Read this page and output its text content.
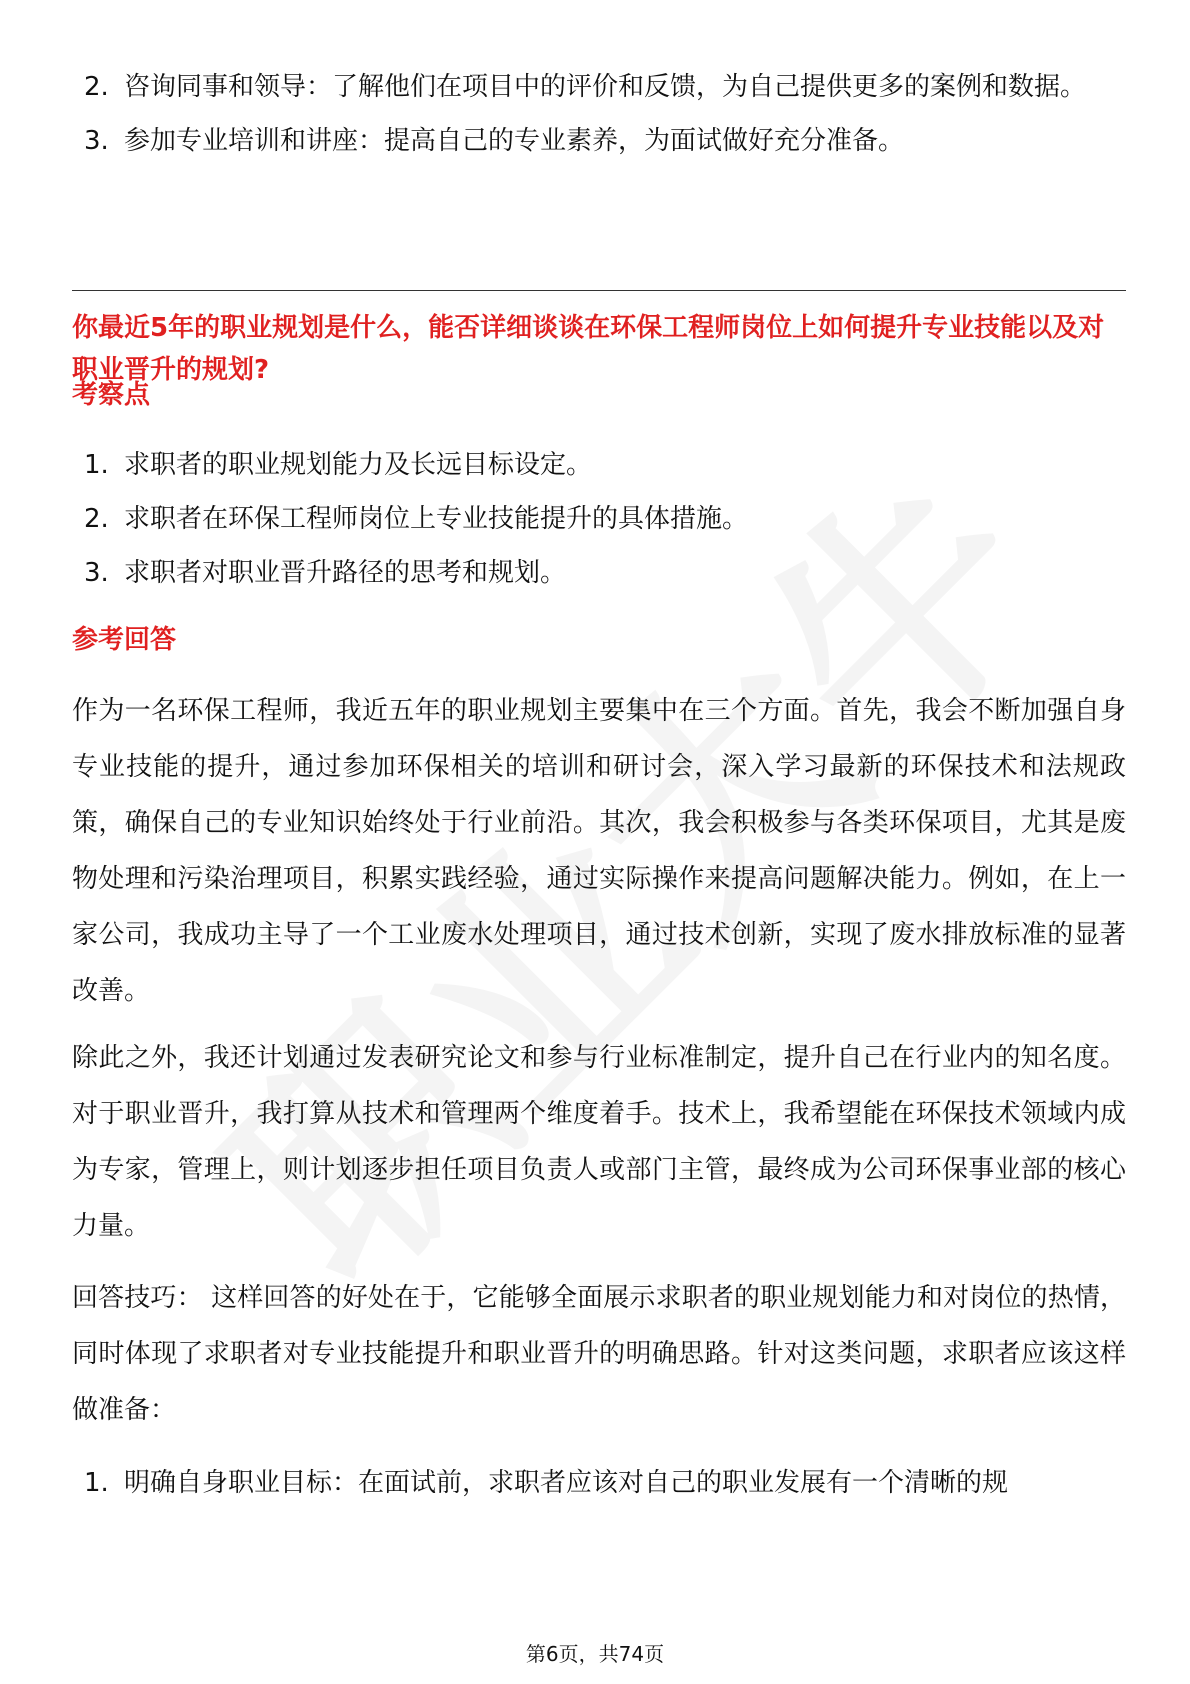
2. 咨询同事和领导：了解他们在项目中的评价和反馈，为自己提供更多的案例和数据。
3. 参加专业培训和讲座：提高自己的专业素养，为面试做好充分准备。
你最近5年的职业规划是什么，能否详细谈谈在环保工程师岗位上如何提升专业技能以及对职业晋升的规划?
考察点
1. 求职者的职业规划能力及长远目标设定。
2. 求职者在环保工程师岗位上专业技能提升的具体措施。
3. 求职者对职业晋升路径的思考和规划。
参考回答

作为一名环保工程师，我近五年的职业规划主要集中在三个方面。首先，我会不断加强自身专业技能的提升，通过参加环保相关的培训和研讨会，深入学习最新的环保技术和法规政策，确保自己的专业知识始终处于行业前沿。其次，我会积极参与各类环保项目，尤其是废物处理和污染治理项目，积累实践经验，通过实际操作来提高问题解决能力。例如，在上一家公司，我成功主导了一个工业废水处理项目，通过技术创新，实现了废水排放标准的显著改善。

除此之外，我还计划通过发表研究论文和参与行业标准制定，提升自己在行业内的知名度。对于职业晋升，我打算从技术和管理两个维度着手。技术上，我希望能在环保技术领域内成为专家，管理上，则计划逐步担任项目负责人或部门主管，最终成为公司环保事业部的核心力量。

回答技巧： 这样回答的好处在于，它能够全面展示求职者的职业规划能力和对岗位的热情，同时体现了求职者对专业技能提升和职业晋升的明确思路。针对这类问题，求职者应该这样做准备：

1. 明确自身职业目标：在面试前，求职者应该对自己的职业发展有一个清晰的规
第6页，共74页
